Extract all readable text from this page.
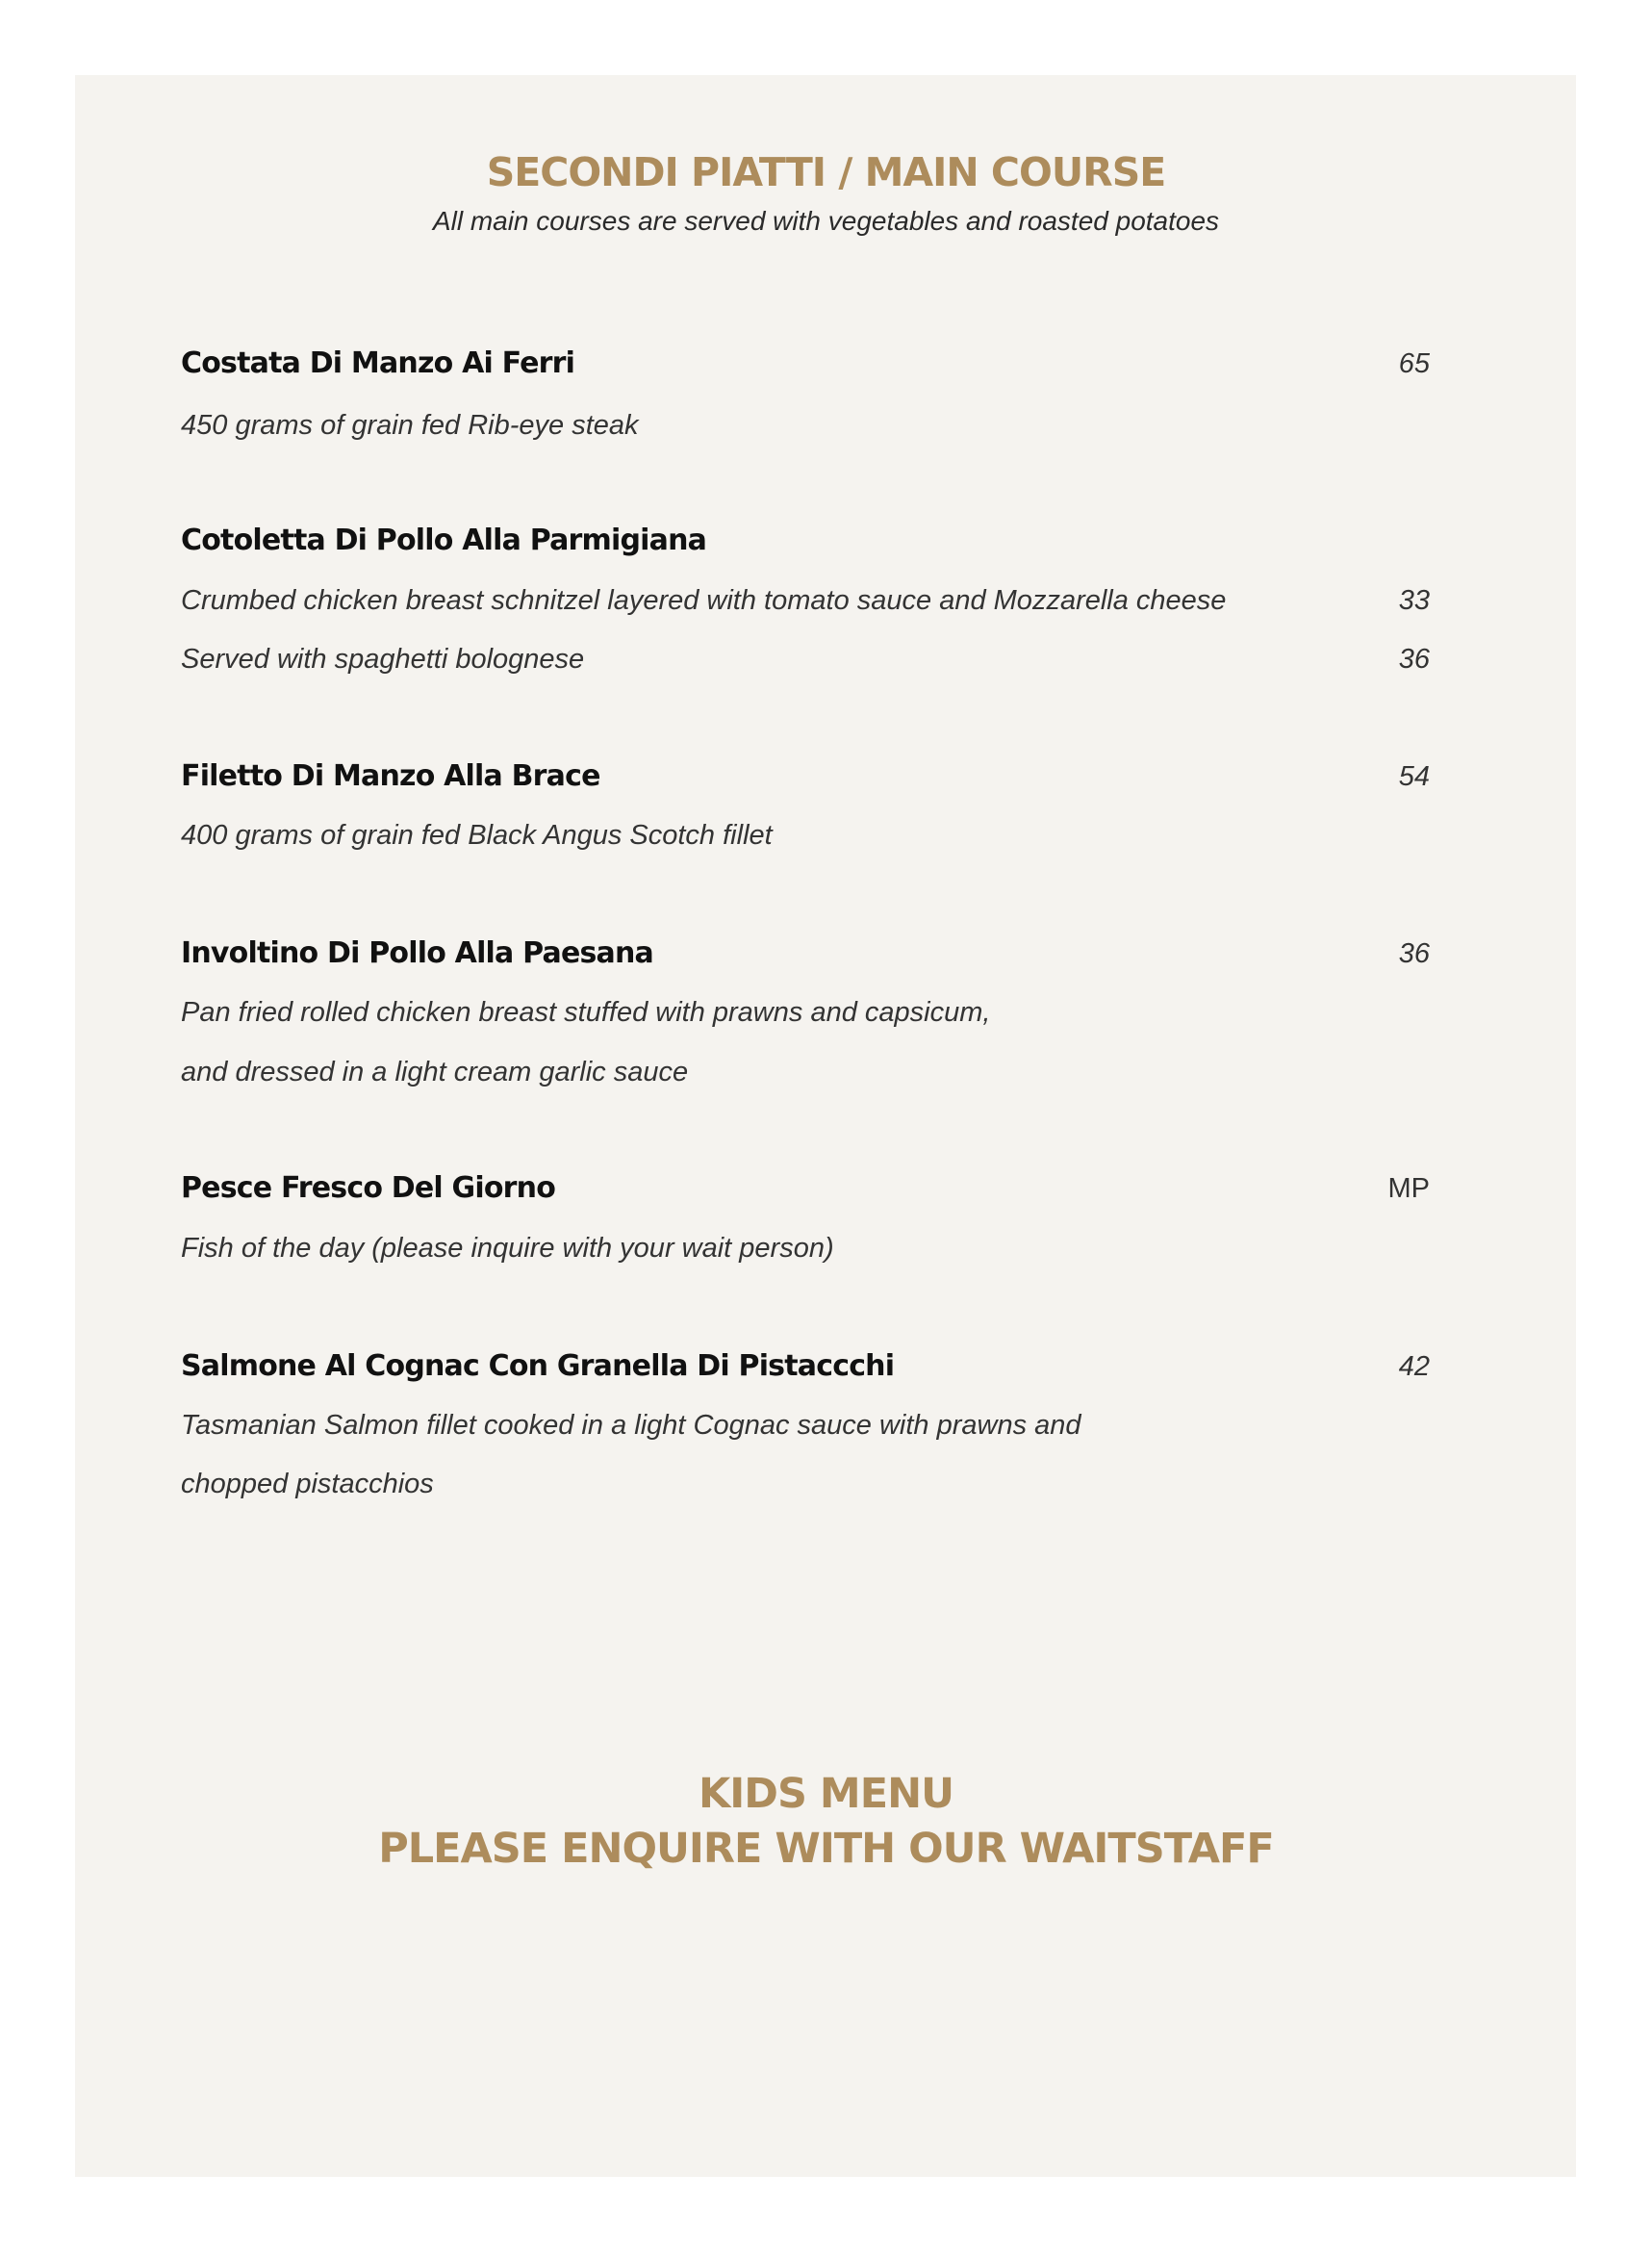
SECONDI PIATTI / MAIN COURSE
All main courses are served with vegetables and roasted potatoes
Costata Di Manzo Ai Ferri	65
450 grams of grain fed Rib-eye steak
Cotoletta Di Pollo Alla Parmigiana
Crumbed chicken breast schnitzel layered with tomato sauce and Mozzarella cheese	33
Served with spaghetti bolognese	36
Filetto Di Manzo Alla Brace	54
400 grams of grain fed Black Angus Scotch fillet
Involtino Di Pollo Alla Paesana	36
Pan fried rolled chicken breast stuffed with prawns and capsicum,
and dressed in a light cream garlic sauce
Pesce Fresco Del Giorno	MP
Fish of the day (please inquire with your wait person)
Salmone Al Cognac Con Granella Di Pistaccchi	42
Tasmanian Salmon fillet cooked in a light Cognac sauce with prawns and
chopped pistacchios
KIDS MENU
PLEASE ENQUIRE WITH OUR WAITSTAFF
